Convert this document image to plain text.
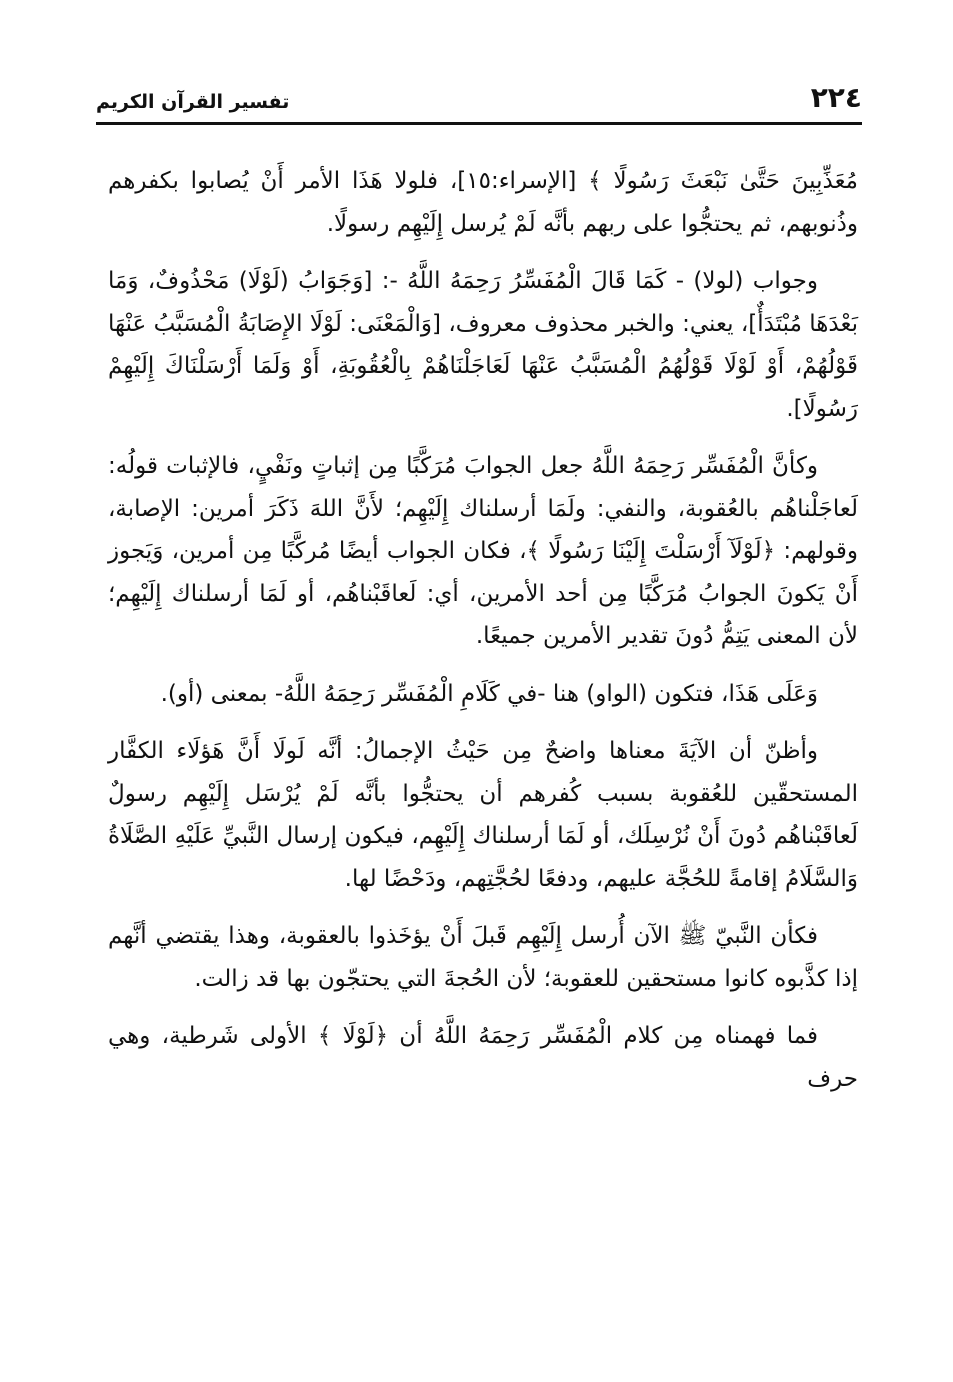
٢٢٤
تفسير القرآن الكريم

مُعَذِّبِينَ حَتَّىٰ نَبْعَثَ رَسُولًا ﴾ [الإسراء:١٥]، فلولا هَذَا الأمر أَنْ يُصابوا بكفرهم وذُنوبهم، ثم يحتجُّوا على ربهم بأنَّه لَمْ يُرسل إِلَيْهِم رسولًا.

وجواب (لولا) - كَمَا قَالَ الْمُفَسِّرُ رَحِمَهُ اللَّهُ -: [وَجَوَابُ (لَوْلَا) مَحْذُوفٌ، وَمَا بَعْدَهَا مُبْتَدَأٌ]، يعني: والخبر محذوف معروف، [وَالْمَعْنَى: لَوْلَا الإِصَابَةُ الْمُسَبَّبُ عَنْهَا قَوْلُهُمْ، أَوْ لَوْلَا قَوْلُهُمُ الْمُسَبَّبُ عَنْهَا لَعَاجَلْنَاهُمْ بِالْعُقُوبَةِ، أَوْ وَلَمَا أَرْسَلْنَاكَ إِلَيْهِمْ رَسُولًا].

وكأنَّ الْمُفَسِّر رَحِمَهُ اللَّهُ جعل الجوابَ مُرَكَّبًا مِن إثباتٍ ونَفْيٍ، فالإثبات قولُه: لَعاجَلْناهُم بالعُقوبة، والنفي: ولَمَا أرسلناك إِلَيْهِم؛ لأَنَّ اللهَ ذَكَرَ أمرين: الإصابة، وقولهم: ﴿لَوْلَآ أَرْسَلْتَ إِلَيْنَا رَسُولًا ﴾، فكان الجواب أيضًا مُركَّبًا مِن أمرين، وَيَجوز أَنْ يَكونَ الجوابُ مُرَكَّبًا مِن أحد الأمرين، أي: لَعاقَبْناهُم، أو لَمَا أرسلناك إِلَيْهِم؛ لأن المعنى يَتِمُّ دُونَ تقدير الأمرين جميعًا.

وَعَلَى هَذَا، فتكون (الواو) هنا -في كَلَامِ الْمُفَسِّر رَحِمَهُ اللَّهُ- بمعنى (أو).

وأظنّ أن الآيَةَ معناها واضحٌ مِن حَيْثُ الإجمالُ: أنَّه لَولَا أَنَّ هَؤلَاء الكفَّار المستحقّين للعُقوبة بسبب كُفرهم أن يحتجُّوا بأنَّه لَمْ يُرْسَل إِلَيْهِم رسولٌ لَعاقَبْناهُم دُونَ أَنْ نُرْسِلَك، أو لَمَا أرسلناك إِلَيْهِم، فيكون إرسال النَّبيِّ عَلَيْهِ الصَّلَاةُ وَالسَّلَامُ إقامةً للحُجَّة عليهم، ودفعًا لحُجَّتِهم، ودَحْضًا لها.

فكأن النَّبيّ ﷺ الآن أُرسل إِلَيْهِم قَبلَ أَنْ يؤخَذوا بالعقوبة، وهذا يقتضي أنَّهم إذا كذَّبوه كانوا مستحقين للعقوبة؛ لأن الحُجةَ التي يحتجّون بها قد زالت.

فما فهمناه مِن كلام الْمُفَسِّر رَحِمَهُ اللَّهُ أن ﴿لَوْلَا ﴾ الأولى شَرطية، وهي حرف
